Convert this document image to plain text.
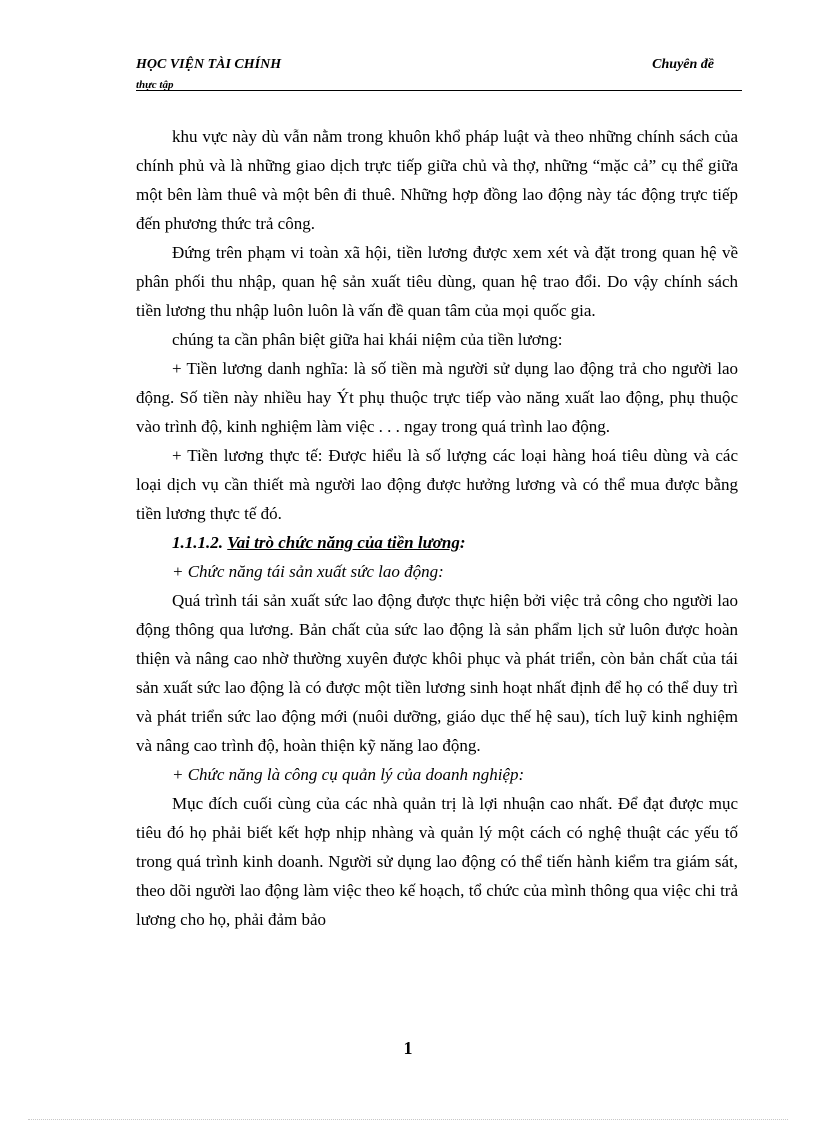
HỌC VIỆN TÀI CHÍNH	Chuyên đề
thực tập

khu vực này dù vẫn nằm trong khuôn khổ pháp luật và theo những chính sách của chính phủ và là những giao dịch trực tiếp giữa chủ và thợ, những “mặc cả” cụ thể giữa một bên làm thuê và một bên đi thuê. Những hợp đồng lao động này tác động trực tiếp đến phương thức trả công.

Đứng trên phạm vi toàn xã hội, tiền lương được xem xét và đặt trong quan hệ về phân phối thu nhập, quan hệ sản xuất tiêu dùng, quan hệ trao đổi. Do vậy chính sách tiền lương thu nhập luôn luôn là vấn đề quan tâm của mọi quốc gia.

chúng ta cần phân biệt giữa hai khái niệm của tiền lương:

+ Tiền lương danh nghĩa: là số tiền mà người sử dụng lao động trả cho người lao động. Số tiền này nhiều hay Ýt phụ thuộc trực tiếp vào năng xuất lao động, phụ thuộc vào trình độ, kinh nghiệm làm việc . . . ngay trong quá trình lao động.

+ Tiền lương thực tế: Được hiểu là số lượng các loại hàng hoá tiêu dùng và các loại dịch vụ cần thiết mà người lao động được hưởng lương và có thể mua được bằng tiền lương thực tế đó.

1.1.1.2. Vai trò chức năng của tiền lương:

+ Chức năng tái sản xuất sức lao động:

Quá trình tái sản xuất sức lao động được thực hiện bởi việc trả công cho người lao động thông qua lương. Bản chất của sức lao động là sản phẩm lịch sử luôn được hoàn thiện và nâng cao nhờ thường xuyên được khôi phục và phát triển, còn bản chất của tái sản xuất sức lao động là có được một tiền lương sinh hoạt nhất định để họ có thể duy trì và phát triển sức lao động mới (nuôi dưỡng, giáo dục thế hệ sau), tích luỹ kinh nghiệm và nâng cao trình độ, hoàn thiện kỹ năng lao động.

+ Chức năng là công cụ quản lý của doanh nghiệp:

Mục đích cuối cùng của các nhà quản trị là lợi nhuận cao nhất. Để đạt được mục tiêu đó họ phải biết kết hợp nhịp nhàng và quản lý một cách có nghệ thuật các yếu tố trong quá trình kinh doanh. Người sử dụng lao động có thể tiến hành kiểm tra giám sát, theo dõi người lao động làm việc theo kế hoạch, tổ chức của mình thông qua việc chi trả lương cho họ, phải đảm bảo

1
